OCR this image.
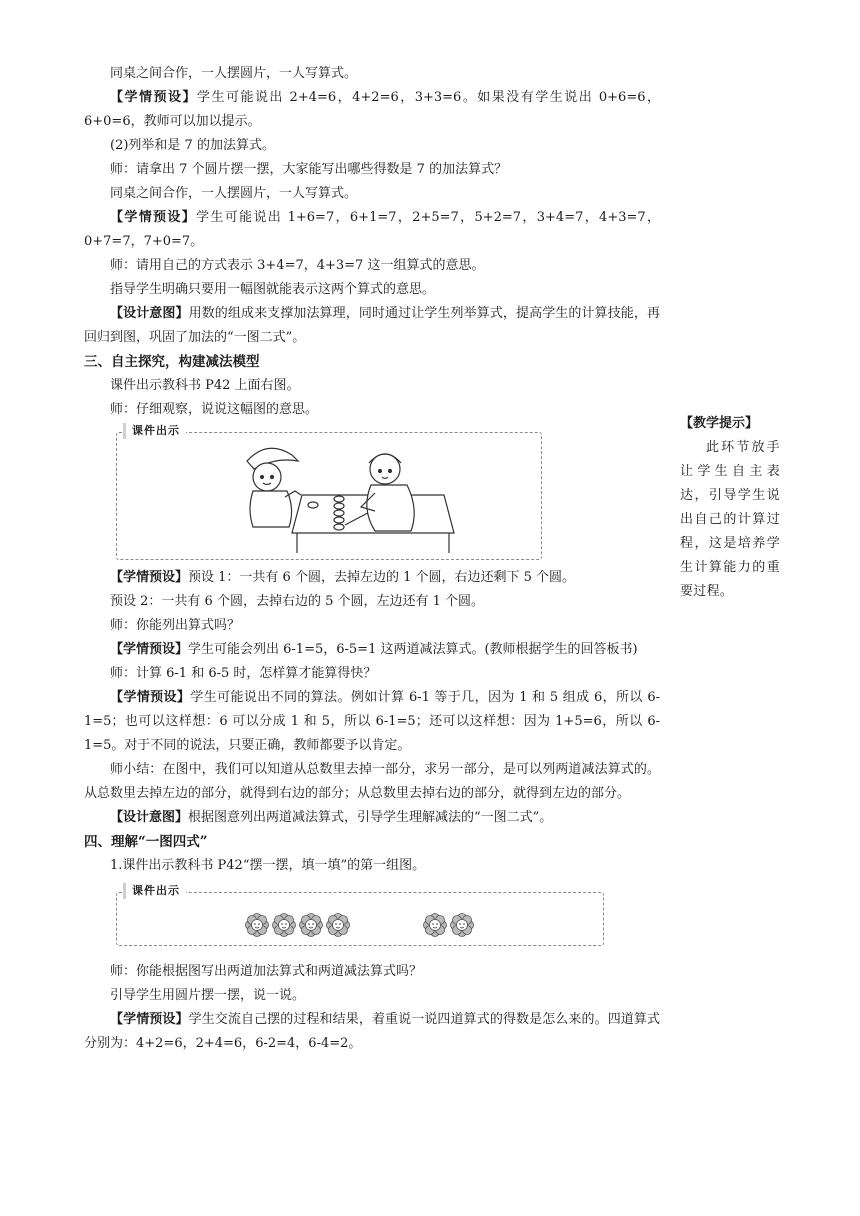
同桌之间合作，一人摆圆片，一人写算式。

【学情预设】学生可能说出 2+4=6，4+2=6，3+3=6。如果没有学生说出 0+6=6，6+0=6，教师可以加以提示。

(2)列举和是 7 的加法算式。

师：请拿出 7 个圆片摆一摆，大家能写出哪些得数是 7 的加法算式？

同桌之间合作，一人摆圆片，一人写算式。

【学情预设】学生可能说出 1+6=7，6+1=7，2+5=7，5+2=7，3+4=7，4+3=7，0+7=7，7+0=7。

师：请用自己的方式表示 3+4=7，4+3=7 这一组算式的意思。

指导学生明确只要用一幅图就能表示这两个算式的意思。

【设计意图】用数的组成来支撑加法算理，同时通过让学生列举算式，提高学生的计算技能，再回归到图，巩固了加法的“一图二式”。

三、自主探究，构建减法模型

课件出示教科书 P42 上面右图。

师：仔细观察，说说这幅图的意思。

课件出示

【学情预设】预设 1：一共有 6 个圆，去掉左边的 1 个圆，右边还剩下 5 个圆。

预设 2：一共有 6 个圆，去掉右边的 5 个圆，左边还有 1 个圆。

师：你能列出算式吗？

【学情预设】学生可能会列出 6-1=5，6-5=1 这两道减法算式。(教师根据学生的回答板书)

师：计算 6-1 和 6-5 时，怎样算才能算得快？

【学情预设】学生可能说出不同的算法。例如计算 6-1 等于几，因为 1 和 5 组成 6，所以 6-1=5；也可以这样想：6 可以分成 1 和 5，所以 6-1=5；还可以这样想：因为 1+5=6，所以 6-1=5。对于不同的说法，只要正确，教师都要予以肯定。

师小结：在图中，我们可以知道从总数里去掉一部分，求另一部分，是可以列两道减法算式的。从总数里去掉左边的部分，就得到右边的部分；从总数里去掉右边的部分，就得到左边的部分。

【设计意图】根据图意列出两道减法算式，引导学生理解减法的“一图二式”。

四、理解“一图四式”

1.课件出示教科书 P42“摆一摆，填一填”的第一组图。

课件出示

师：你能根据图写出两道加法算式和两道减法算式吗？

引导学生用圆片摆一摆，说一说。

【学情预设】学生交流自己摆的过程和结果，着重说一说四道算式的得数是怎么来的。四道算式分别为：4+2=6，2+4=6，6-2=4，6-4=2。

【教学提示】
此环节放手让学生自主表达，引导学生说出自己的计算过程，这是培养学生计算能力的重要过程。
